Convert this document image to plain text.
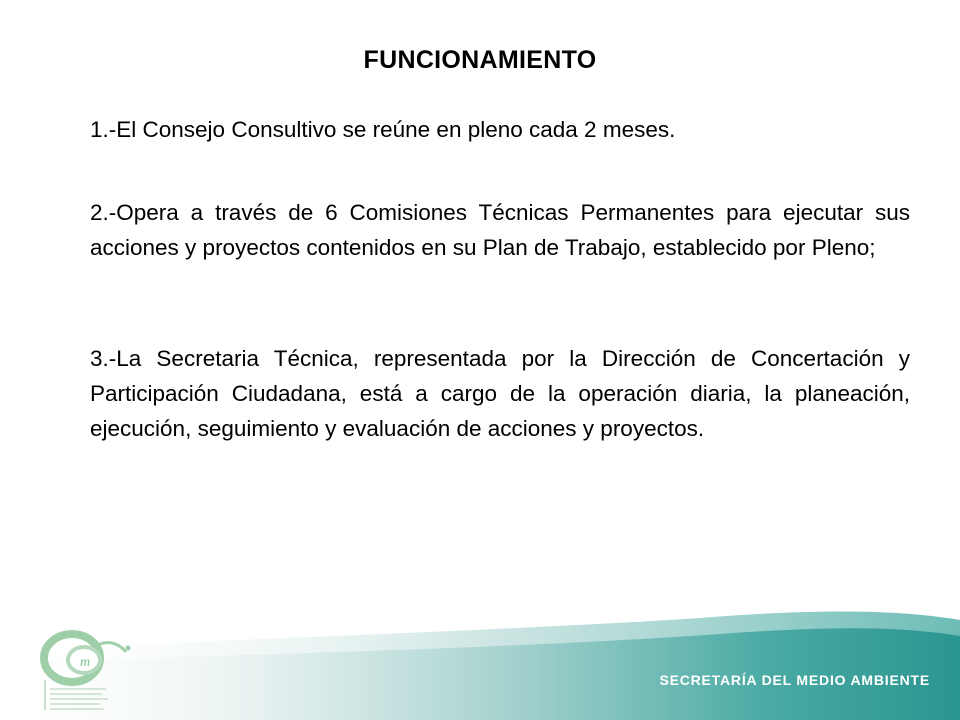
FUNCIONAMIENTO
1.-El Consejo Consultivo se reúne en pleno cada 2 meses.
2.-Opera a través de 6 Comisiones Técnicas Permanentes para ejecutar sus acciones y proyectos contenidos en su Plan de Trabajo, establecido por Pleno;
3.-La Secretaria Técnica, representada por la Dirección de Concertación y Participación Ciudadana, está a cargo de la operación diaria, la planeación, ejecución, seguimiento y evaluación de acciones y proyectos.
SECRETARÍA DEL MEDIO AMBIENTE
m
